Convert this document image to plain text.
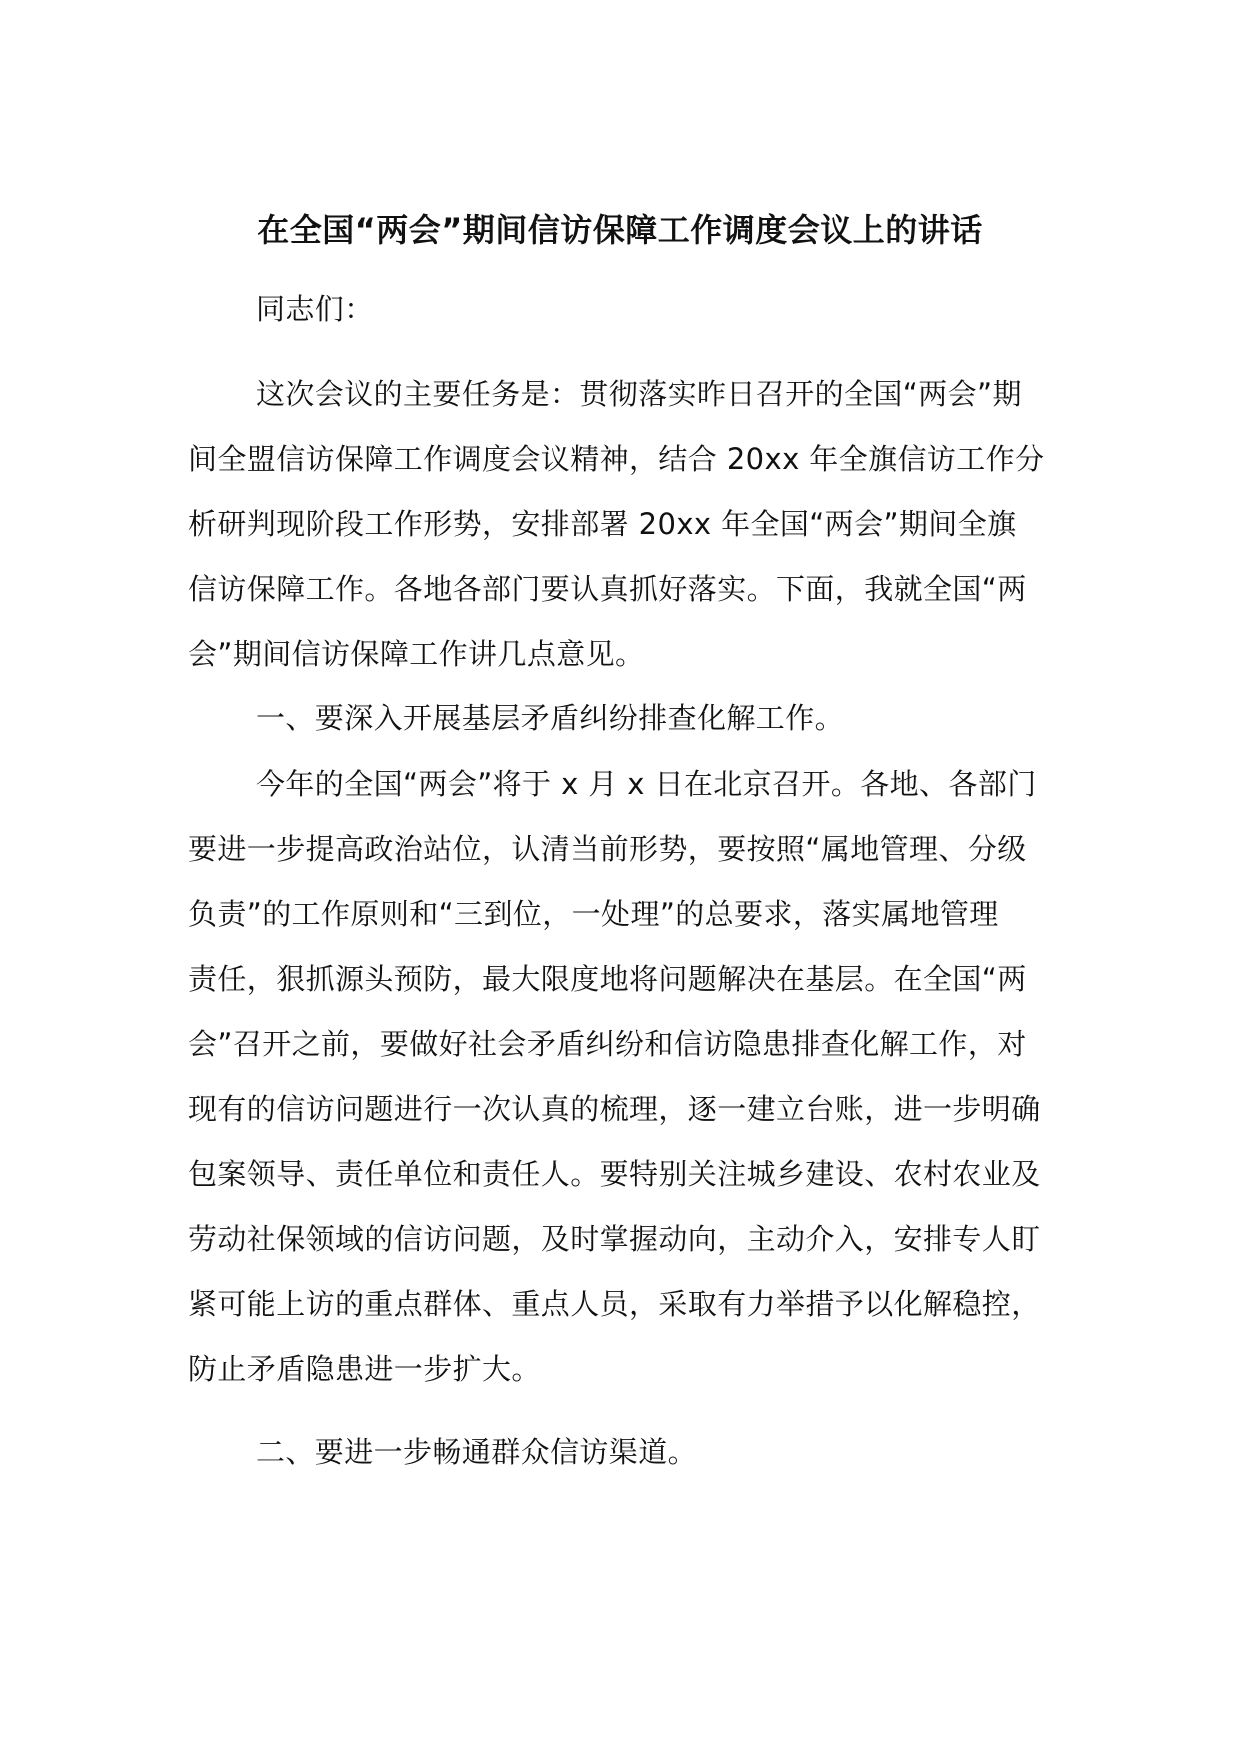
在全国“两会”期间信访保障工作调度会议上的讲话

同志们：

这次会议的主要任务是：贯彻落实昨日召开的全国“两会”期
间全盟信访保障工作调度会议精神，结合 20xx 年全旗信访工作分
析研判现阶段工作形势，安排部署 20xx 年全国“两会”期间全旗
信访保障工作。各地各部门要认真抓好落实。下面，我就全国“两
会”期间信访保障工作讲几点意见。

一、要深入开展基层矛盾纠纷排查化解工作。

今年的全国“两会”将于 x 月 x 日在北京召开。各地、各部门
要进一步提高政治站位，认清当前形势，要按照“属地管理、分级
负责”的工作原则和“三到位，一处理”的总要求，落实属地管理
责任，狠抓源头预防，最大限度地将问题解决在基层。在全国“两
会”召开之前，要做好社会矛盾纠纷和信访隐患排查化解工作，对
现有的信访问题进行一次认真的梳理，逐一建立台账，进一步明确
包案领导、责任单位和责任人。要特别关注城乡建设、农村农业及
劳动社保领域的信访问题，及时掌握动向，主动介入，安排专人盯
紧可能上访的重点群体、重点人员，采取有力举措予以化解稳控，
防止矛盾隐患进一步扩大。

二、要进一步畅通群众信访渠道。
